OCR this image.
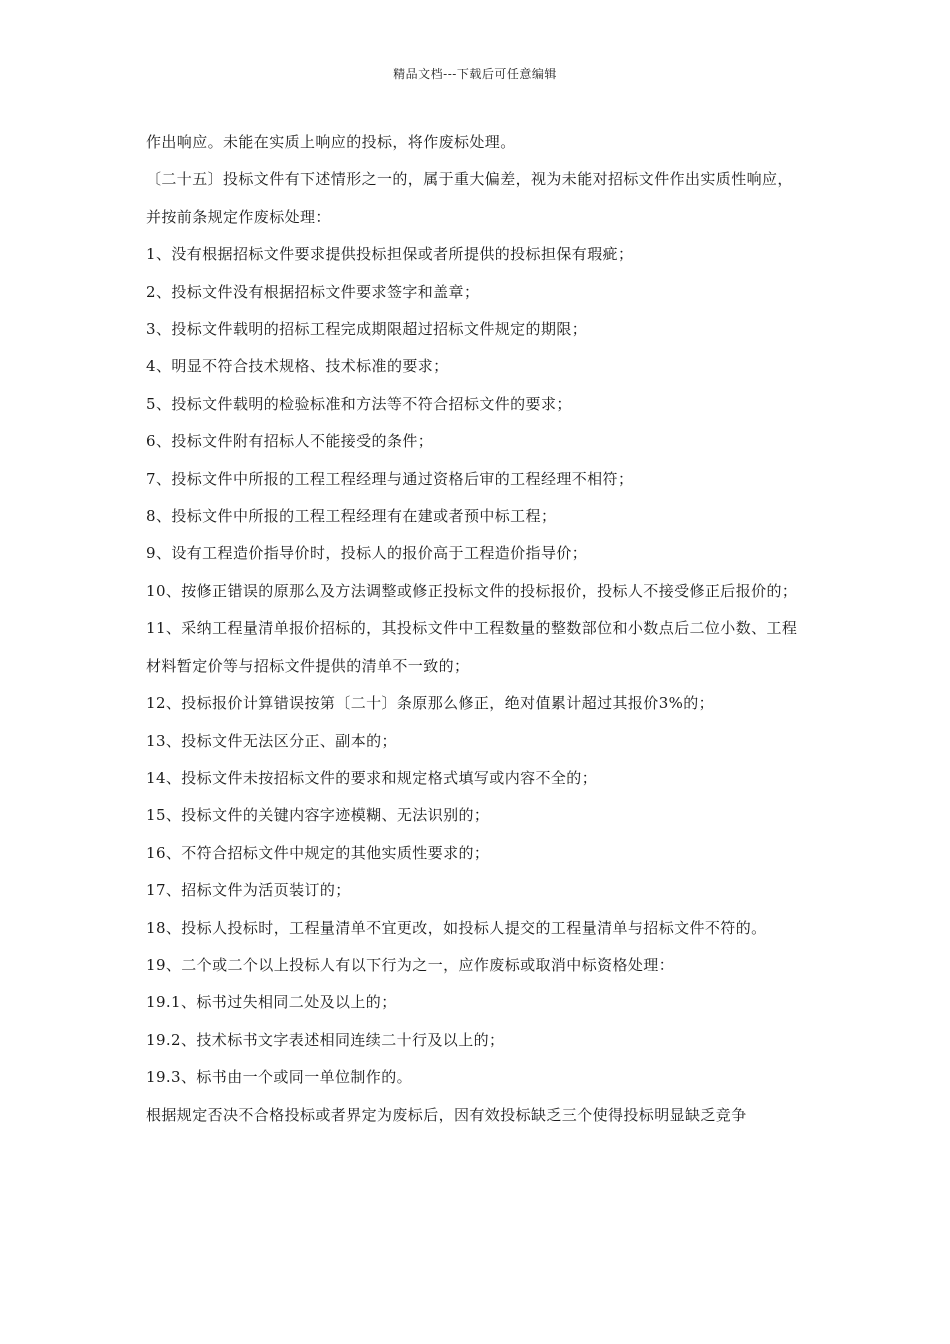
精品文档---下载后可任意编辑

作出响应。未能在实质上响应的投标，将作废标处理。

〔二十五〕投标文件有下述情形之一的，属于重大偏差，视为未能对招标文件作出实质性响应，并按前条规定作废标处理：

1、没有根据招标文件要求提供投标担保或者所提供的投标担保有瑕疵；

2、投标文件没有根据招标文件要求签字和盖章；

3、投标文件载明的招标工程完成期限超过招标文件规定的期限；

4、明显不符合技术规格、技术标准的要求；

5、投标文件载明的检验标准和方法等不符合招标文件的要求；

6、投标文件附有招标人不能接受的条件；

7、投标文件中所报的工程工程经理与通过资格后审的工程经理不相符；

8、投标文件中所报的工程工程经理有在建或者预中标工程；

9、设有工程造价指导价时，投标人的报价高于工程造价指导价；

10、按修正错误的原那么及方法调整或修正投标文件的投标报价，投标人不接受修正后报价的；

11、采纳工程量清单报价招标的，其投标文件中工程数量的整数部位和小数点后二位小数、工程材料暂定价等与招标文件提供的清单不一致的；

12、投标报价计算错误按第〔二十〕条原那么修正，绝对值累计超过其报价3%的；

13、投标文件无法区分正、副本的；

14、投标文件未按招标文件的要求和规定格式填写或内容不全的；

15、投标文件的关键内容字迹模糊、无法识别的；

16、不符合招标文件中规定的其他实质性要求的；

17、招标文件为活页装订的；

18、投标人投标时，工程量清单不宜更改，如投标人提交的工程量清单与招标文件不符的。

19、二个或二个以上投标人有以下行为之一，应作废标或取消中标资格处理：

19.1、标书过失相同二处及以上的；

19.2、技术标书文字表述相同连续二十行及以上的；

19.3、标书由一个或同一单位制作的。

根据规定否决不合格投标或者界定为废标后，因有效投标缺乏三个使得投标明显缺乏竞争
